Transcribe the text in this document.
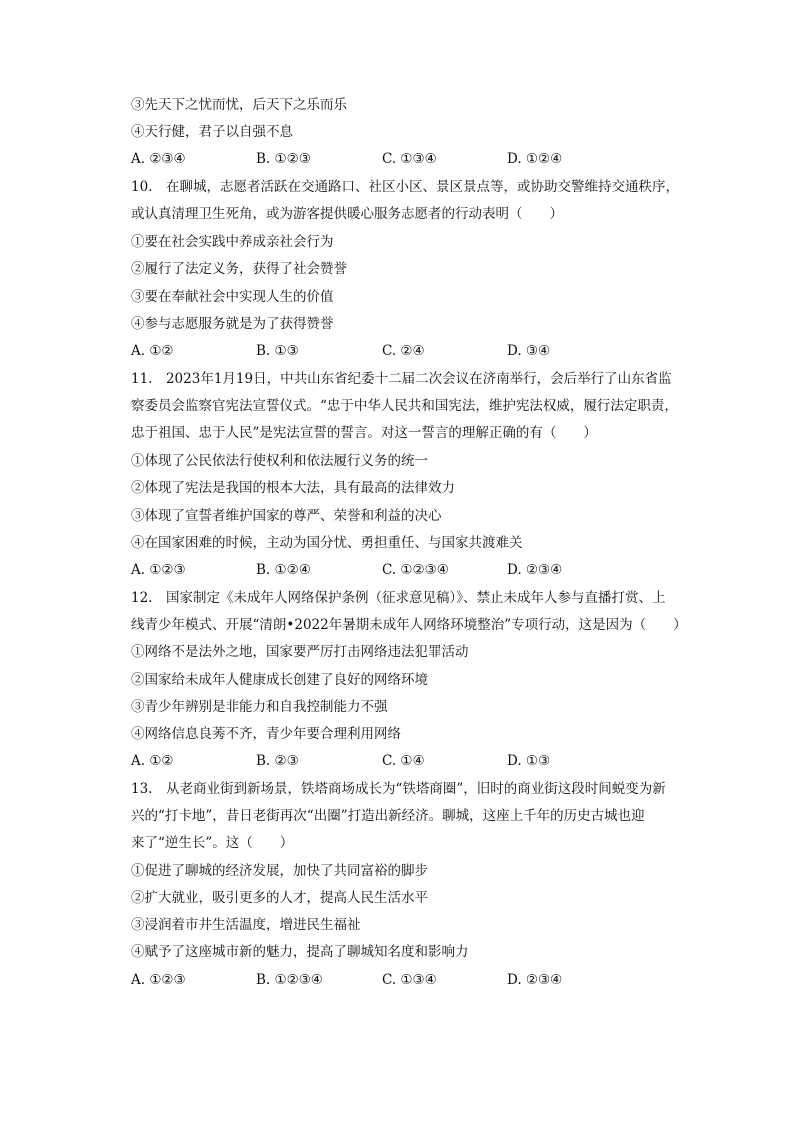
③先天下之忧而忧，后天下之乐而乐
④天行健，君子以自强不息
A. ②③④	B. ①②③	C. ①③④	D. ①②④
10.　在聊城，志愿者活跃在交通路口、社区小区、景区景点等，或协助交警维持交通秩序，
或认真清理卫生死角，或为游客提供暖心服务志愿者的行动表明（　　）
①要在社会实践中养成亲社会行为
②履行了法定义务，获得了社会赞誉
③要在奉献社会中实现人生的价值
④参与志愿服务就是为了获得赞誉
A. ①②	B. ①③	C. ②④	D. ③④
11.　2023年1月19日，中共山东省纪委十二届二次会议在济南举行，会后举行了山东省监
察委员会监察官宪法宣誓仪式。“忠于中华人民共和国宪法，维护宪法权威，履行法定职责，
忠于祖国、忠于人民”是宪法宣誓的誓言。对这一誓言的理解正确的有（　　）
①体现了公民依法行使权利和依法履行义务的统一
②体现了宪法是我国的根本大法，具有最高的法律效力
③体现了宣誓者维护国家的尊严、荣誉和利益的决心
④在国家困难的时候，主动为国分忧、勇担重任、与国家共渡难关
A. ①②③	B. ①②④	C. ①②③④	D. ②③④
12.　国家制定《未成年人网络保护条例（征求意见稿）》、禁止未成年人参与直播打赏、上
线青少年模式、开展“清朗•2022年暑期未成年人网络环境整治”专项行动，这是因为（　　）
①网络不是法外之地，国家要严厉打击网络违法犯罪活动
②国家给未成年人健康成长创建了良好的网络环境
③青少年辨别是非能力和自我控制能力不强
④网络信息良莠不齐，青少年要合理利用网络
A. ①②	B. ②③	C. ①④	D. ①③
13.　从老商业街到新场景，铁塔商场成长为“铁塔商圈”，旧时的商业街这段时间蜕变为新
兴的“打卡地”，昔日老街再次“出圈”打造出新经济。聊城，这座上千年的历史古城也迎
来了“逆生长”。这（　　）
①促进了聊城的经济发展，加快了共同富裕的脚步
②扩大就业，吸引更多的人才，提高人民生活水平
③浸润着市井生活温度，增进民生福祉
④赋予了这座城市新的魅力，提高了聊城知名度和影响力
A. ①②③	B. ①②③④	C. ①③④	D. ②③④
